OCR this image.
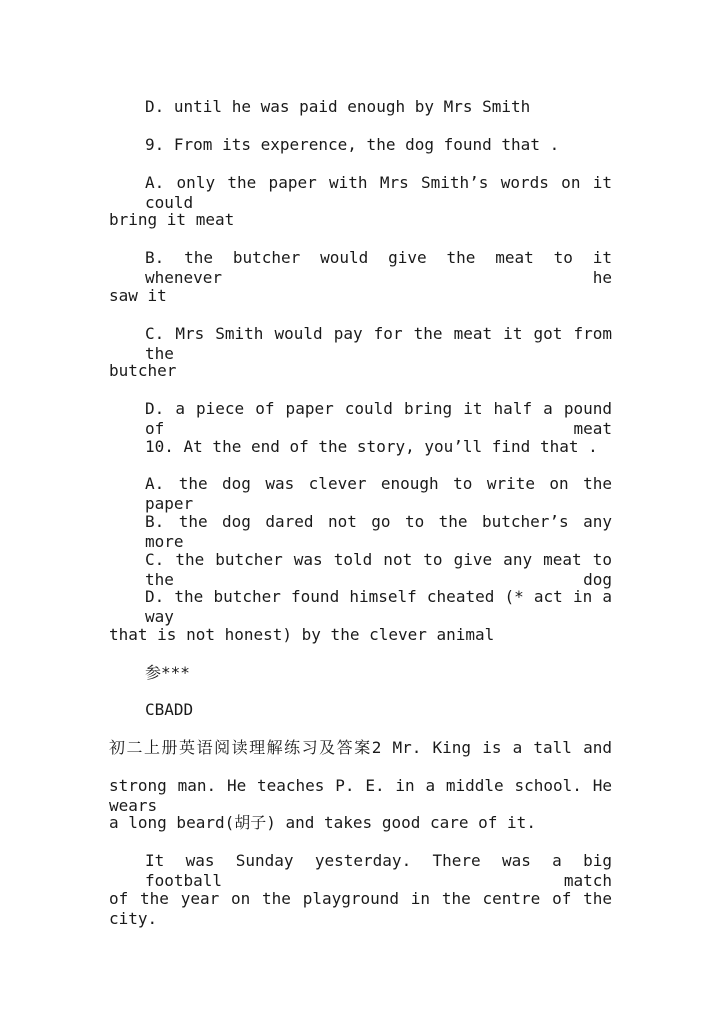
D. until he was paid enough by Mrs Smith
9. From its experence, the dog found that .
A. only the paper with Mrs Smith’s words on it could
bring it meat
B. the butcher would give the meat to it whenever he
saw it
C. Mrs Smith would pay for the meat it got from the
butcher
D. a piece of paper could bring it half a pound of meat
10. At the end of the story, you’ll find that .
A. the dog was clever enough to write on the paper
B. the dog dared not go to the butcher’s any more
C. the butcher was told not to give any meat to the dog
D. the butcher found himself cheated (* act in a way
that is not honest) by the clever animal
参***
CBADD
初二上册英语阅读理解练习及答案2 Mr. King is a tall and
strong man. He teaches P. E. in a middle school. He wears
a long beard(胡子) and takes good care of it.
It was Sunday yesterday. There was a big football match
of the year on the playground in the centre of the city.
